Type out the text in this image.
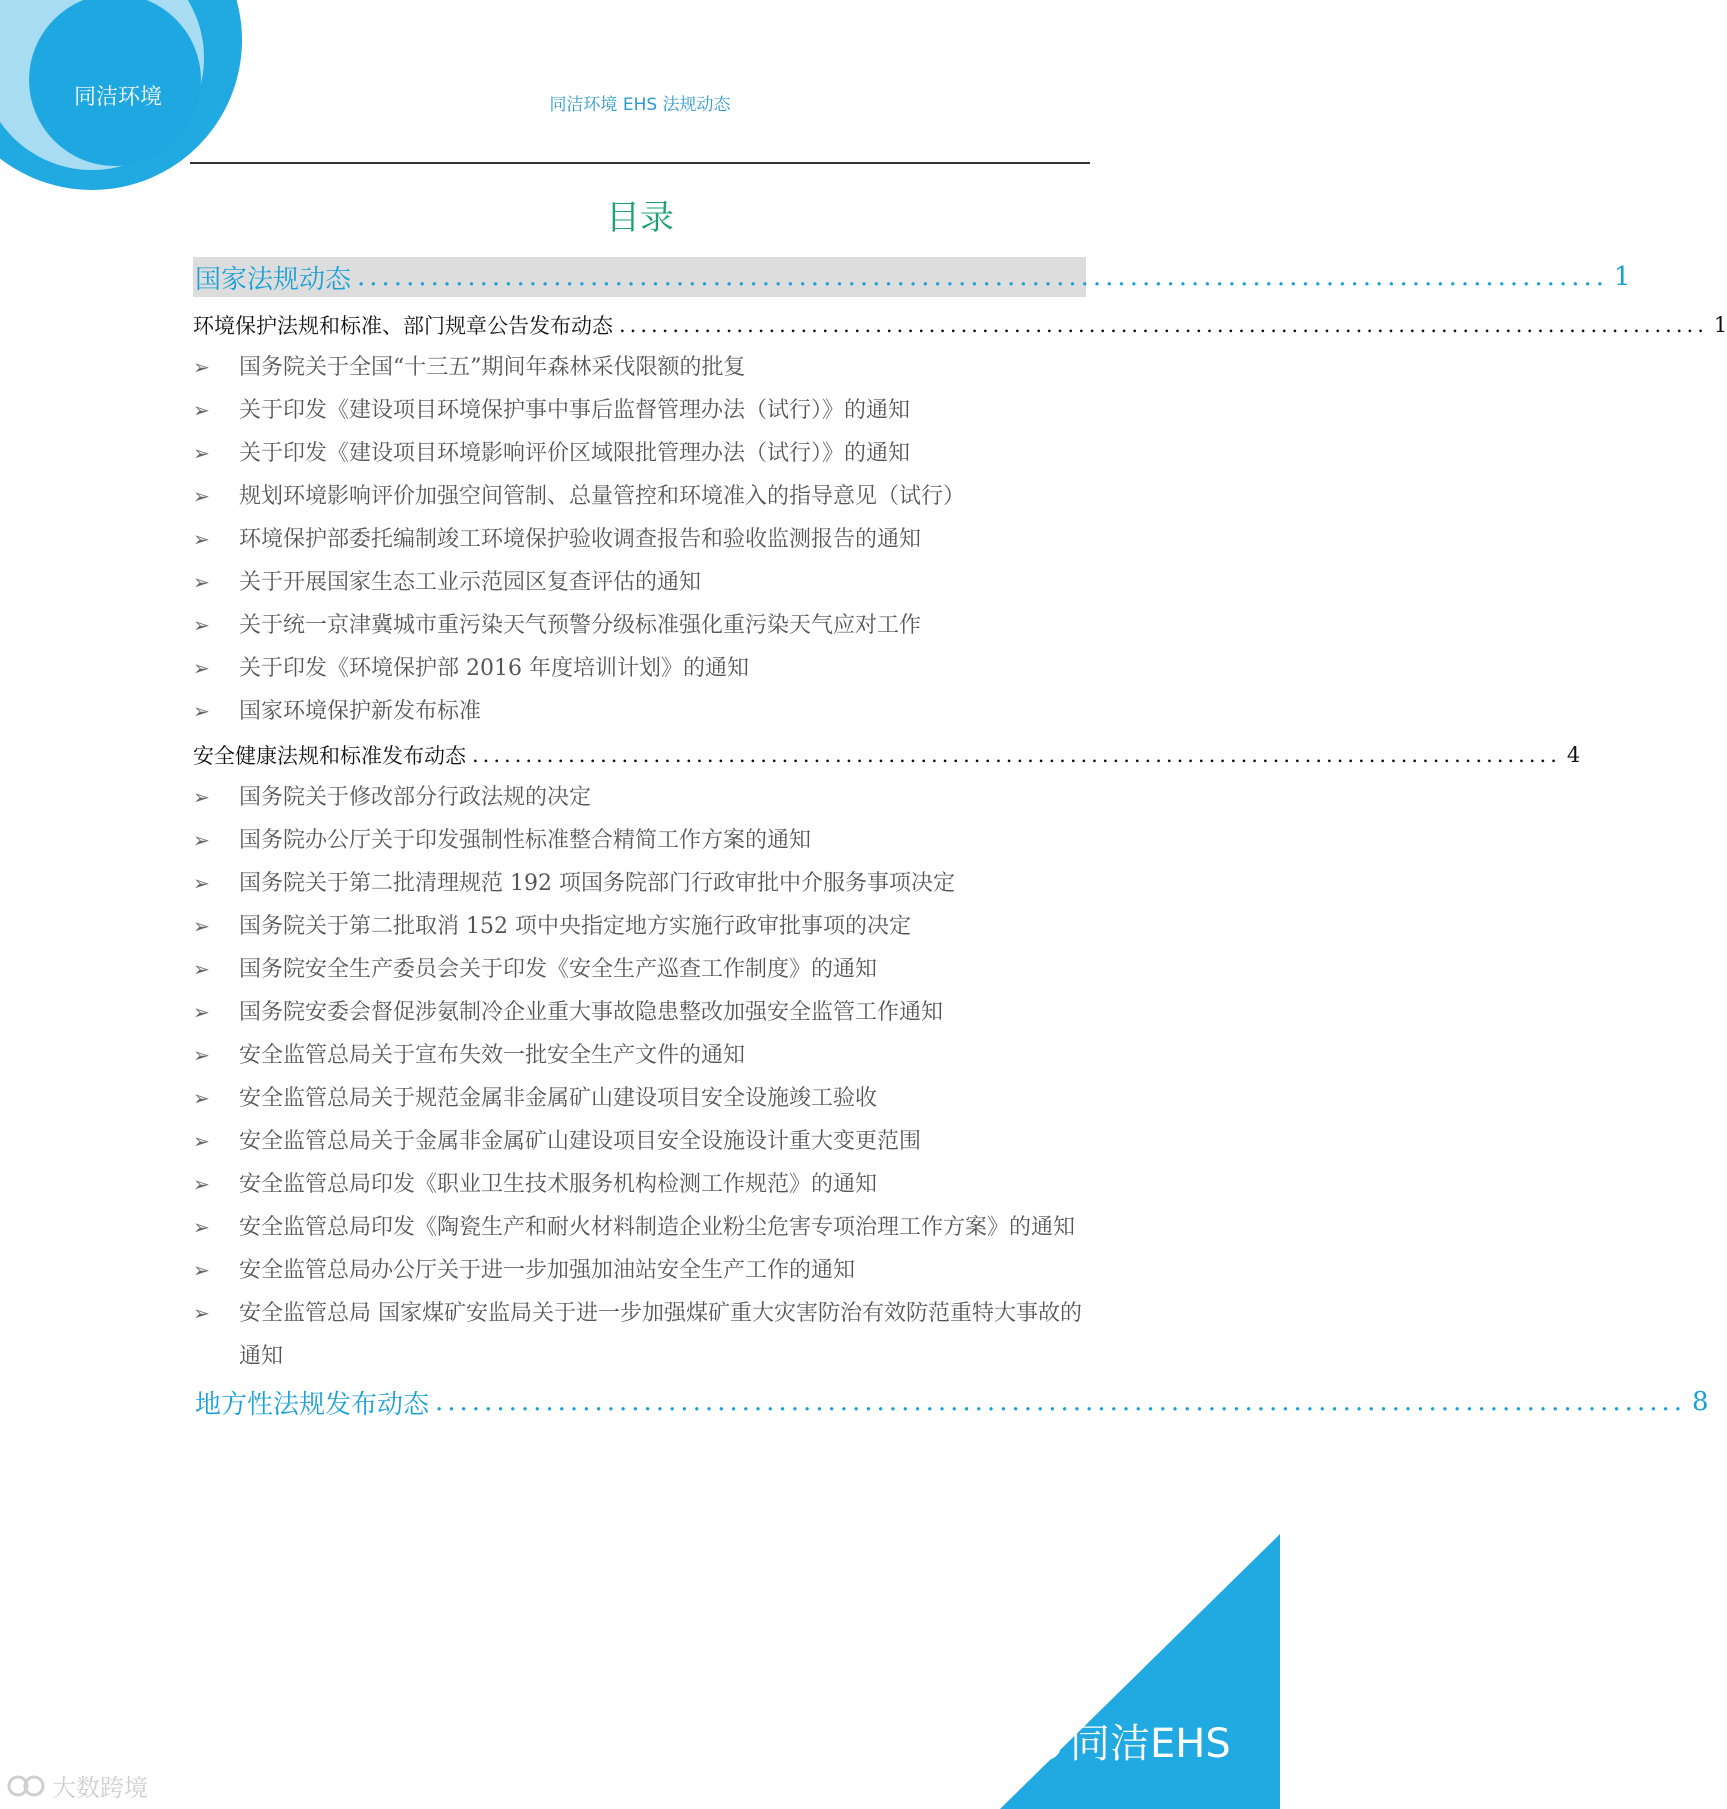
同洁环境	同洁环境 EHS 法规动态
目录
国家法规动态 ...................................................................................................... 1
环境保护法规和标准、部门规章公告发布动态 ...................................................................................................... 1
➢	国务院关于全国“十三五”期间年森林采伐限额的批复
➢	关于印发《建设项目环境保护事中事后监督管理办法（试行）》的通知
➢	关于印发《建设项目环境影响评价区域限批管理办法（试行）》的通知
➢	规划环境影响评价加强空间管制、总量管控和环境准入的指导意见（试行）
➢	环境保护部委托编制竣工环境保护验收调查报告和验收监测报告的通知
➢	关于开展国家生态工业示范园区复查评估的通知
➢	关于统一京津冀城市重污染天气预警分级标准强化重污染天气应对工作
➢	关于印发《环境保护部 2016 年度培训计划》的通知
➢	国家环境保护新发布标准
安全健康法规和标准发布动态 ...................................................................................................... 4
➢	国务院关于修改部分行政法规的决定
➢	国务院办公厅关于印发强制性标准整合精简工作方案的通知
➢	国务院关于第二批清理规范 192 项国务院部门行政审批中介服务事项决定
➢	国务院关于第二批取消 152 项中央指定地方实施行政审批事项的决定
➢	国务院安全生产委员会关于印发《安全生产巡查工作制度》的通知
➢	国务院安委会督促涉氨制冷企业重大事故隐患整改加强安全监管工作通知
➢	安全监管总局关于宣布失效一批安全生产文件的通知
➢	安全监管总局关于规范金属非金属矿山建设项目安全设施竣工验收
➢	安全监管总局关于金属非金属矿山建设项目安全设施设计重大变更范围
➢	安全监管总局印发《职业卫生技术服务机构检测工作规范》的通知
➢	安全监管总局印发《陶瓷生产和耐火材料制造企业粉尘危害专项治理工作方案》的通知
➢	安全监管总局办公厅关于进一步加强加油站安全生产工作的通知
➢	安全监管总局 国家煤矿安监局关于进一步加强煤矿重大灾害防治有效防范重特大事故的通知
地方性法规发布动态 ...................................................................................................... 8
同洁EHS
大数跨境
